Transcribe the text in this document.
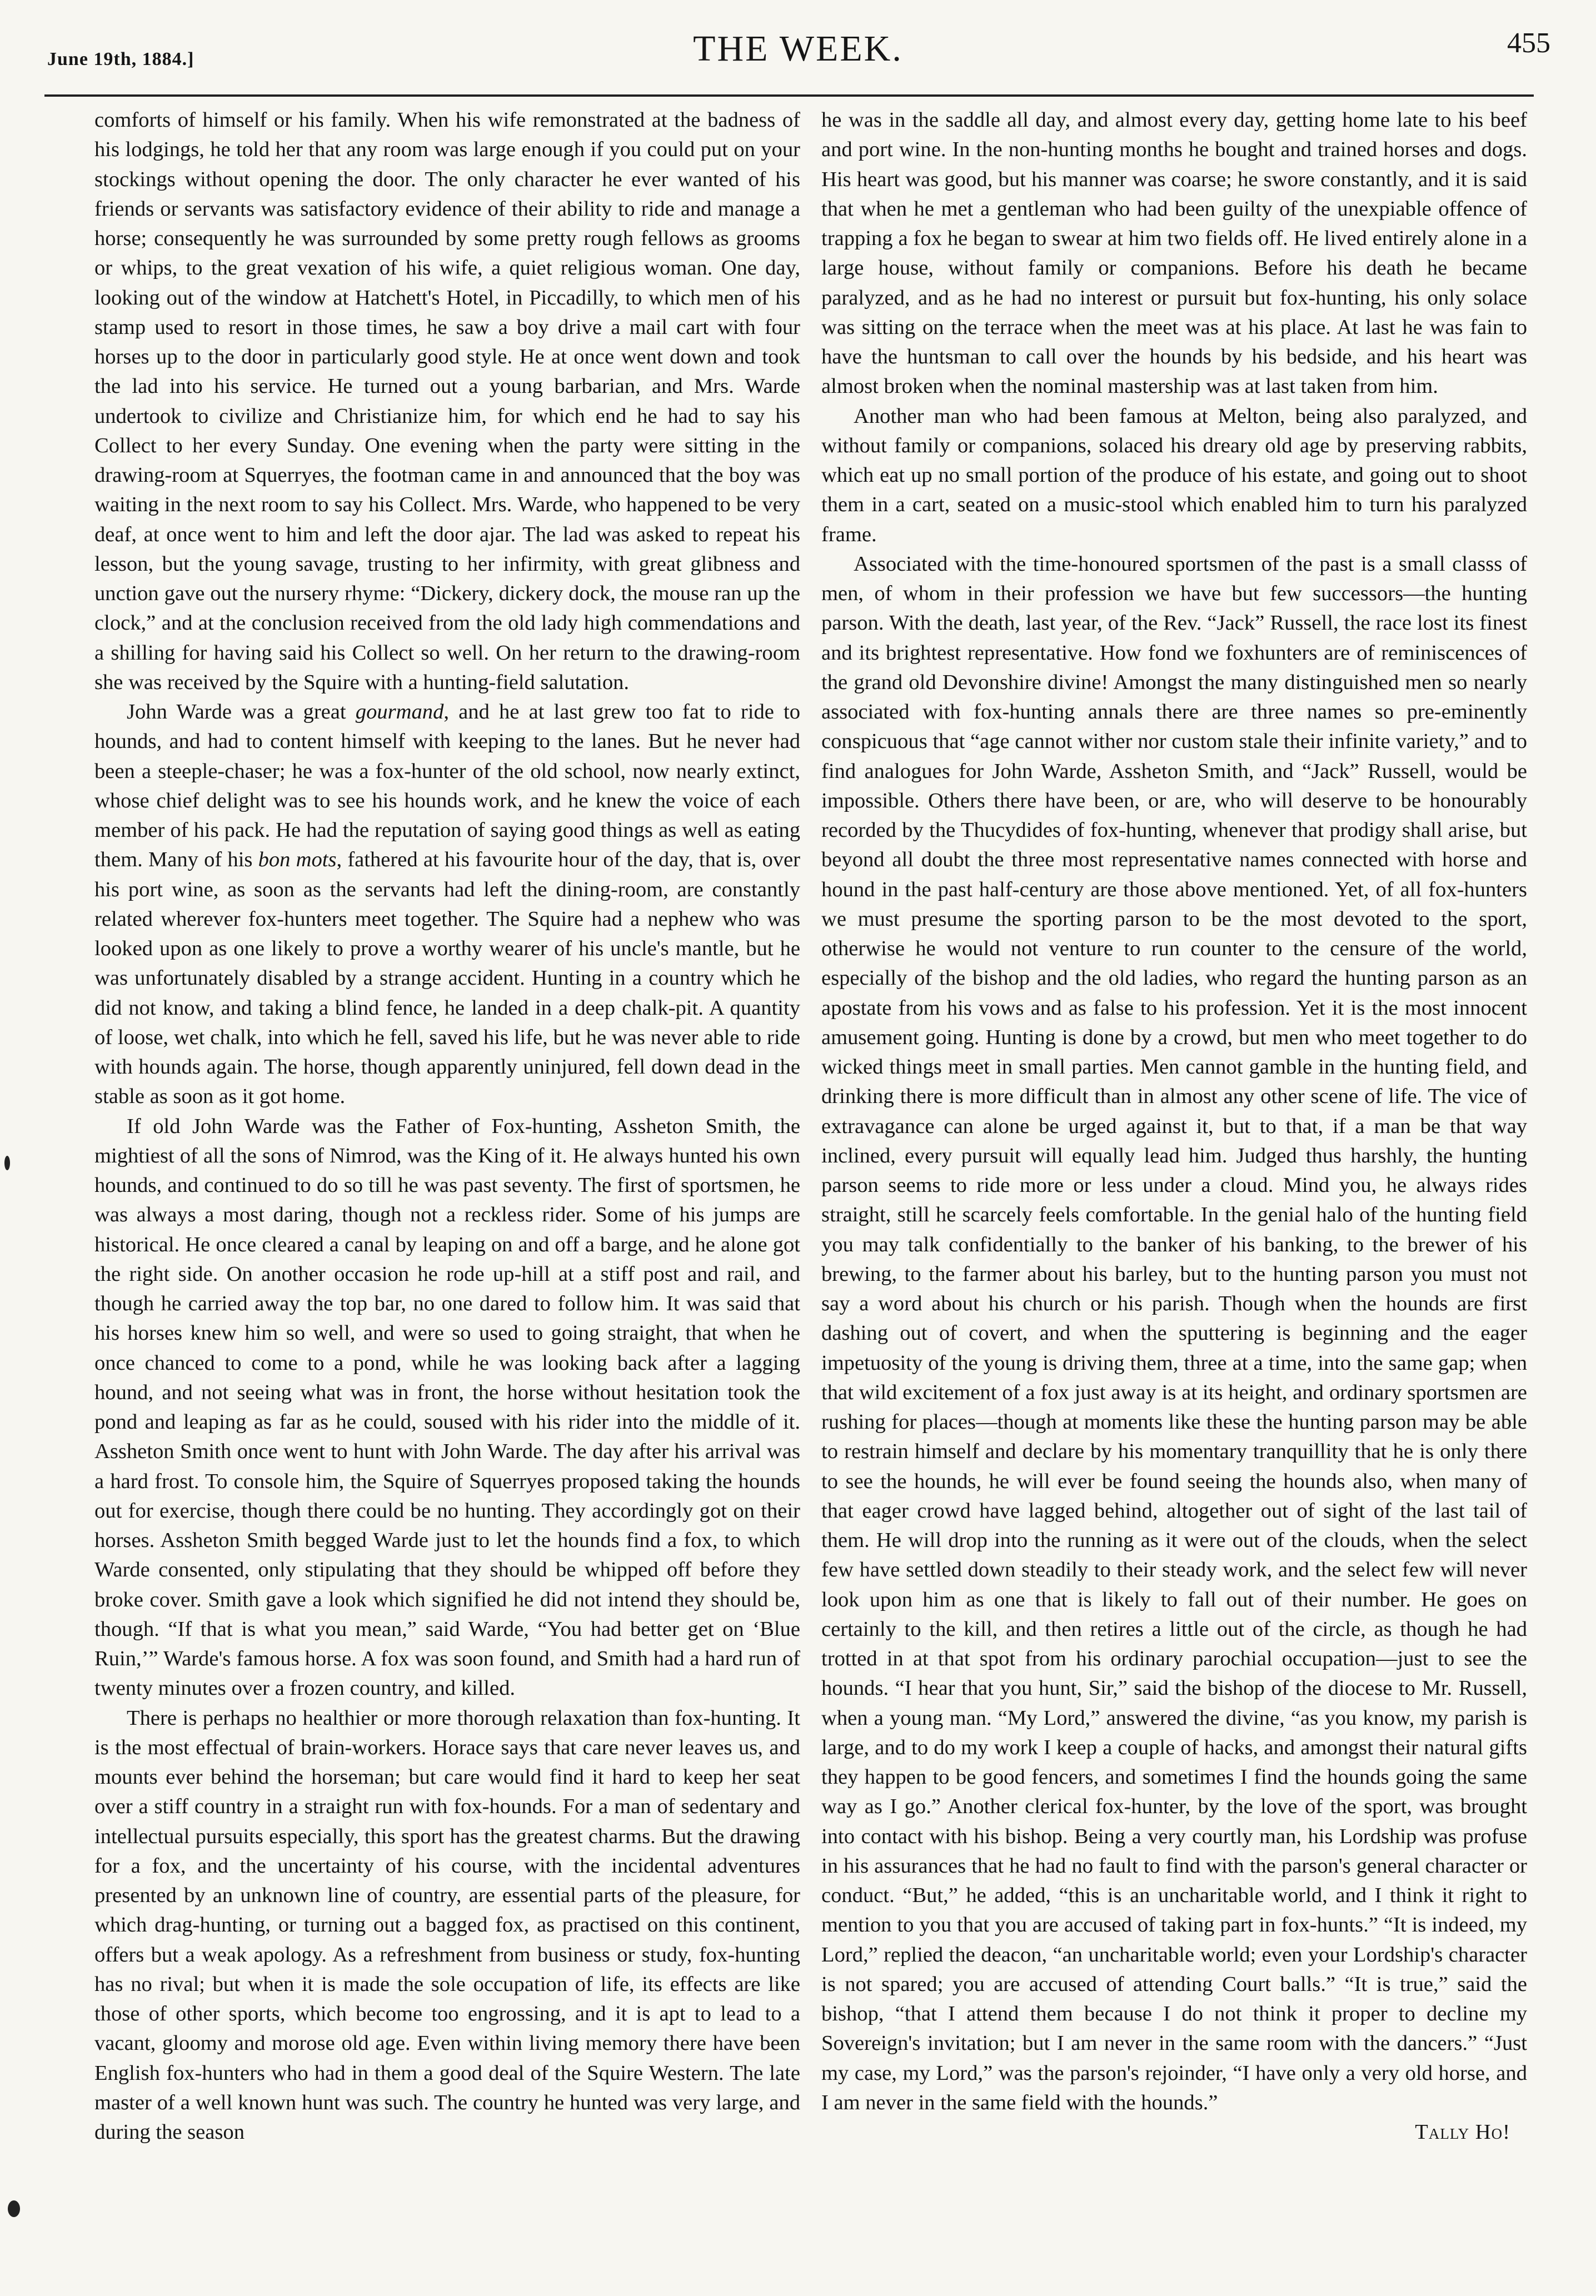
June 19th, 1884.]	THE WEEK.	455

comforts of himself or his family. When his wife remonstrated at the badness of his lodgings, he told her that any room was large enough if you could put on your stockings without opening the door. The only character he ever wanted of his friends or servants was satisfactory evidence of their ability to ride and manage a horse; consequently he was surrounded by some pretty rough fellows as grooms or whips, to the great vexation of his wife, a quiet religious woman. One day, looking out of the window at Hatchett's Hotel, in Piccadilly, to which men of his stamp used to resort in those times, he saw a boy drive a mail cart with four horses up to the door in particularly good style. He at once went down and took the lad into his service. He turned out a young barbarian, and Mrs. Warde undertook to civilize and Christianize him, for which end he had to say his Collect to her every Sunday. One evening when the party were sitting in the drawing-room at Squerryes, the footman came in and announced that the boy was waiting in the next room to say his Collect. Mrs. Warde, who happened to be very deaf, at once went to him and left the door ajar. The lad was asked to repeat his lesson, but the young savage, trusting to her infirmity, with great glibness and unction gave out the nursery rhyme: “Dickery, dickery dock, the mouse ran up the clock,” and at the conclusion received from the old lady high commendations and a shilling for having said his Collect so well. On her return to the drawing-room she was received by the Squire with a hunting-field salutation.

John Warde was a great gourmand, and he at last grew too fat to ride to hounds, and had to content himself with keeping to the lanes. But he never had been a steeple-chaser; he was a fox-hunter of the old school, now nearly extinct, whose chief delight was to see his hounds work, and he knew the voice of each member of his pack. He had the reputation of saying good things as well as eating them. Many of his bon mots, fathered at his favourite hour of the day, that is, over his port wine, as soon as the servants had left the dining-room, are constantly related wherever fox-hunters meet together. The Squire had a nephew who was looked upon as one likely to prove a worthy wearer of his uncle's mantle, but he was unfortunately disabled by a strange accident. Hunting in a country which he did not know, and taking a blind fence, he landed in a deep chalk-pit. A quantity of loose, wet chalk, into which he fell, saved his life, but he was never able to ride with hounds again. The horse, though apparently uninjured, fell down dead in the stable as soon as it got home.

If old John Warde was the Father of Fox-hunting, Assheton Smith, the mightiest of all the sons of Nimrod, was the King of it. He always hunted his own hounds, and continued to do so till he was past seventy. The first of sportsmen, he was always a most daring, though not a reckless rider. Some of his jumps are historical. He once cleared a canal by leaping on and off a barge, and he alone got the right side. On another occasion he rode up-hill at a stiff post and rail, and though he carried away the top bar, no one dared to follow him. It was said that his horses knew him so well, and were so used to going straight, that when he once chanced to come to a pond, while he was looking back after a lagging hound, and not seeing what was in front, the horse without hesitation took the pond and leaping as far as he could, soused with his rider into the middle of it. Assheton Smith once went to hunt with John Warde. The day after his arrival was a hard frost. To console him, the Squire of Squerryes proposed taking the hounds out for exercise, though there could be no hunting. They accordingly got on their horses. Assheton Smith begged Warde just to let the hounds find a fox, to which Warde consented, only stipulating that they should be whipped off before they broke cover. Smith gave a look which signified he did not intend they should be, though. “If that is what you mean,” said Warde, “You had better get on ‘Blue Ruin,’” Warde's famous horse. A fox was soon found, and Smith had a hard run of twenty minutes over a frozen country, and killed.

There is perhaps no healthier or more thorough relaxation than fox-hunting. It is the most effectual of brain-workers. Horace says that care never leaves us, and mounts ever behind the horseman; but care would find it hard to keep her seat over a stiff country in a straight run with fox-hounds. For a man of sedentary and intellectual pursuits especially, this sport has the greatest charms. But the drawing for a fox, and the uncertainty of his course, with the incidental adventures presented by an unknown line of country, are essential parts of the pleasure, for which drag-hunting, or turning out a bagged fox, as practised on this continent, offers but a weak apology. As a refreshment from business or study, fox-hunting has no rival; but when it is made the sole occupation of life, its effects are like those of other sports, which become too engrossing, and it is apt to lead to a vacant, gloomy and morose old age. Even within living memory there have been English fox-hunters who had in them a good deal of the Squire Western. The late master of a well known hunt was such. The country he hunted was very large, and during the season

he was in the saddle all day, and almost every day, getting home late to his beef and port wine. In the non-hunting months he bought and trained horses and dogs. His heart was good, but his manner was coarse; he swore constantly, and it is said that when he met a gentleman who had been guilty of the unexpiable offence of trapping a fox he began to swear at him two fields off. He lived entirely alone in a large house, without family or companions. Before his death he became paralyzed, and as he had no interest or pursuit but fox-hunting, his only solace was sitting on the terrace when the meet was at his place. At last he was fain to have the huntsman to call over the hounds by his bedside, and his heart was almost broken when the nominal mastership was at last taken from him.

Another man who had been famous at Melton, being also paralyzed, and without family or companions, solaced his dreary old age by preserving rabbits, which eat up no small portion of the produce of his estate, and going out to shoot them in a cart, seated on a music-stool which enabled him to turn his paralyzed frame.

Associated with the time-honoured sportsmen of the past is a small classs of men, of whom in their profession we have but few successors—the hunting parson. With the death, last year, of the Rev. “Jack” Russell, the race lost its finest and its brightest representative. How fond we foxhunters are of reminiscences of the grand old Devonshire divine! Amongst the many distinguished men so nearly associated with fox-hunting annals there are three names so pre-eminently conspicuous that “age cannot wither nor custom stale their infinite variety,” and to find analogues for John Warde, Assheton Smith, and “Jack” Russell, would be impossible. Others there have been, or are, who will deserve to be honourably recorded by the Thucydides of fox-hunting, whenever that prodigy shall arise, but beyond all doubt the three most representative names connected with horse and hound in the past half-century are those above mentioned. Yet, of all fox-hunters we must presume the sporting parson to be the most devoted to the sport, otherwise he would not venture to run counter to the censure of the world, especially of the bishop and the old ladies, who regard the hunting parson as an apostate from his vows and as false to his profession. Yet it is the most innocent amusement going. Hunting is done by a crowd, but men who meet together to do wicked things meet in small parties. Men cannot gamble in the hunting field, and drinking there is more difficult than in almost any other scene of life. The vice of extravagance can alone be urged against it, but to that, if a man be that way inclined, every pursuit will equally lead him. Judged thus harshly, the hunting parson seems to ride more or less under a cloud. Mind you, he always rides straight, still he scarcely feels comfortable. In the genial halo of the hunting field you may talk confidentially to the banker of his banking, to the brewer of his brewing, to the farmer about his barley, but to the hunting parson you must not say a word about his church or his parish. Though when the hounds are first dashing out of covert, and when the sputtering is beginning and the eager impetuosity of the young is driving them, three at a time, into the same gap; when that wild excitement of a fox just away is at its height, and ordinary sportsmen are rushing for places—though at moments like these the hunting parson may be able to restrain himself and declare by his momentary tranquillity that he is only there to see the hounds, he will ever be found seeing the hounds also, when many of that eager crowd have lagged behind, altogether out of sight of the last tail of them. He will drop into the running as it were out of the clouds, when the select few have settled down steadily to their steady work, and the select few will never look upon him as one that is likely to fall out of their number. He goes on certainly to the kill, and then retires a little out of the circle, as though he had trotted in at that spot from his ordinary parochial occupation—just to see the hounds. “I hear that you hunt, Sir,” said the bishop of the diocese to Mr. Russell, when a young man. “My Lord,” answered the divine, “as you know, my parish is large, and to do my work I keep a couple of hacks, and amongst their natural gifts they happen to be good fencers, and sometimes I find the hounds going the same way as I go.” Another clerical fox-hunter, by the love of the sport, was brought into contact with his bishop. Being a very courtly man, his Lordship was profuse in his assurances that he had no fault to find with the parson's general character or conduct. “But,” he added, “this is an uncharitable world, and I think it right to mention to you that you are accused of taking part in fox-hunts.” “It is indeed, my Lord,” replied the deacon, “an uncharitable world; even your Lordship's character is not spared; you are accused of attending Court balls.” “It is true,” said the bishop, “that I attend them because I do not think it proper to decline my Sovereign's invitation; but I am never in the same room with the dancers.” “Just my case, my Lord,” was the parson's rejoinder, “I have only a very old horse, and I am never in the same field with the hounds.”

Tally Ho!
